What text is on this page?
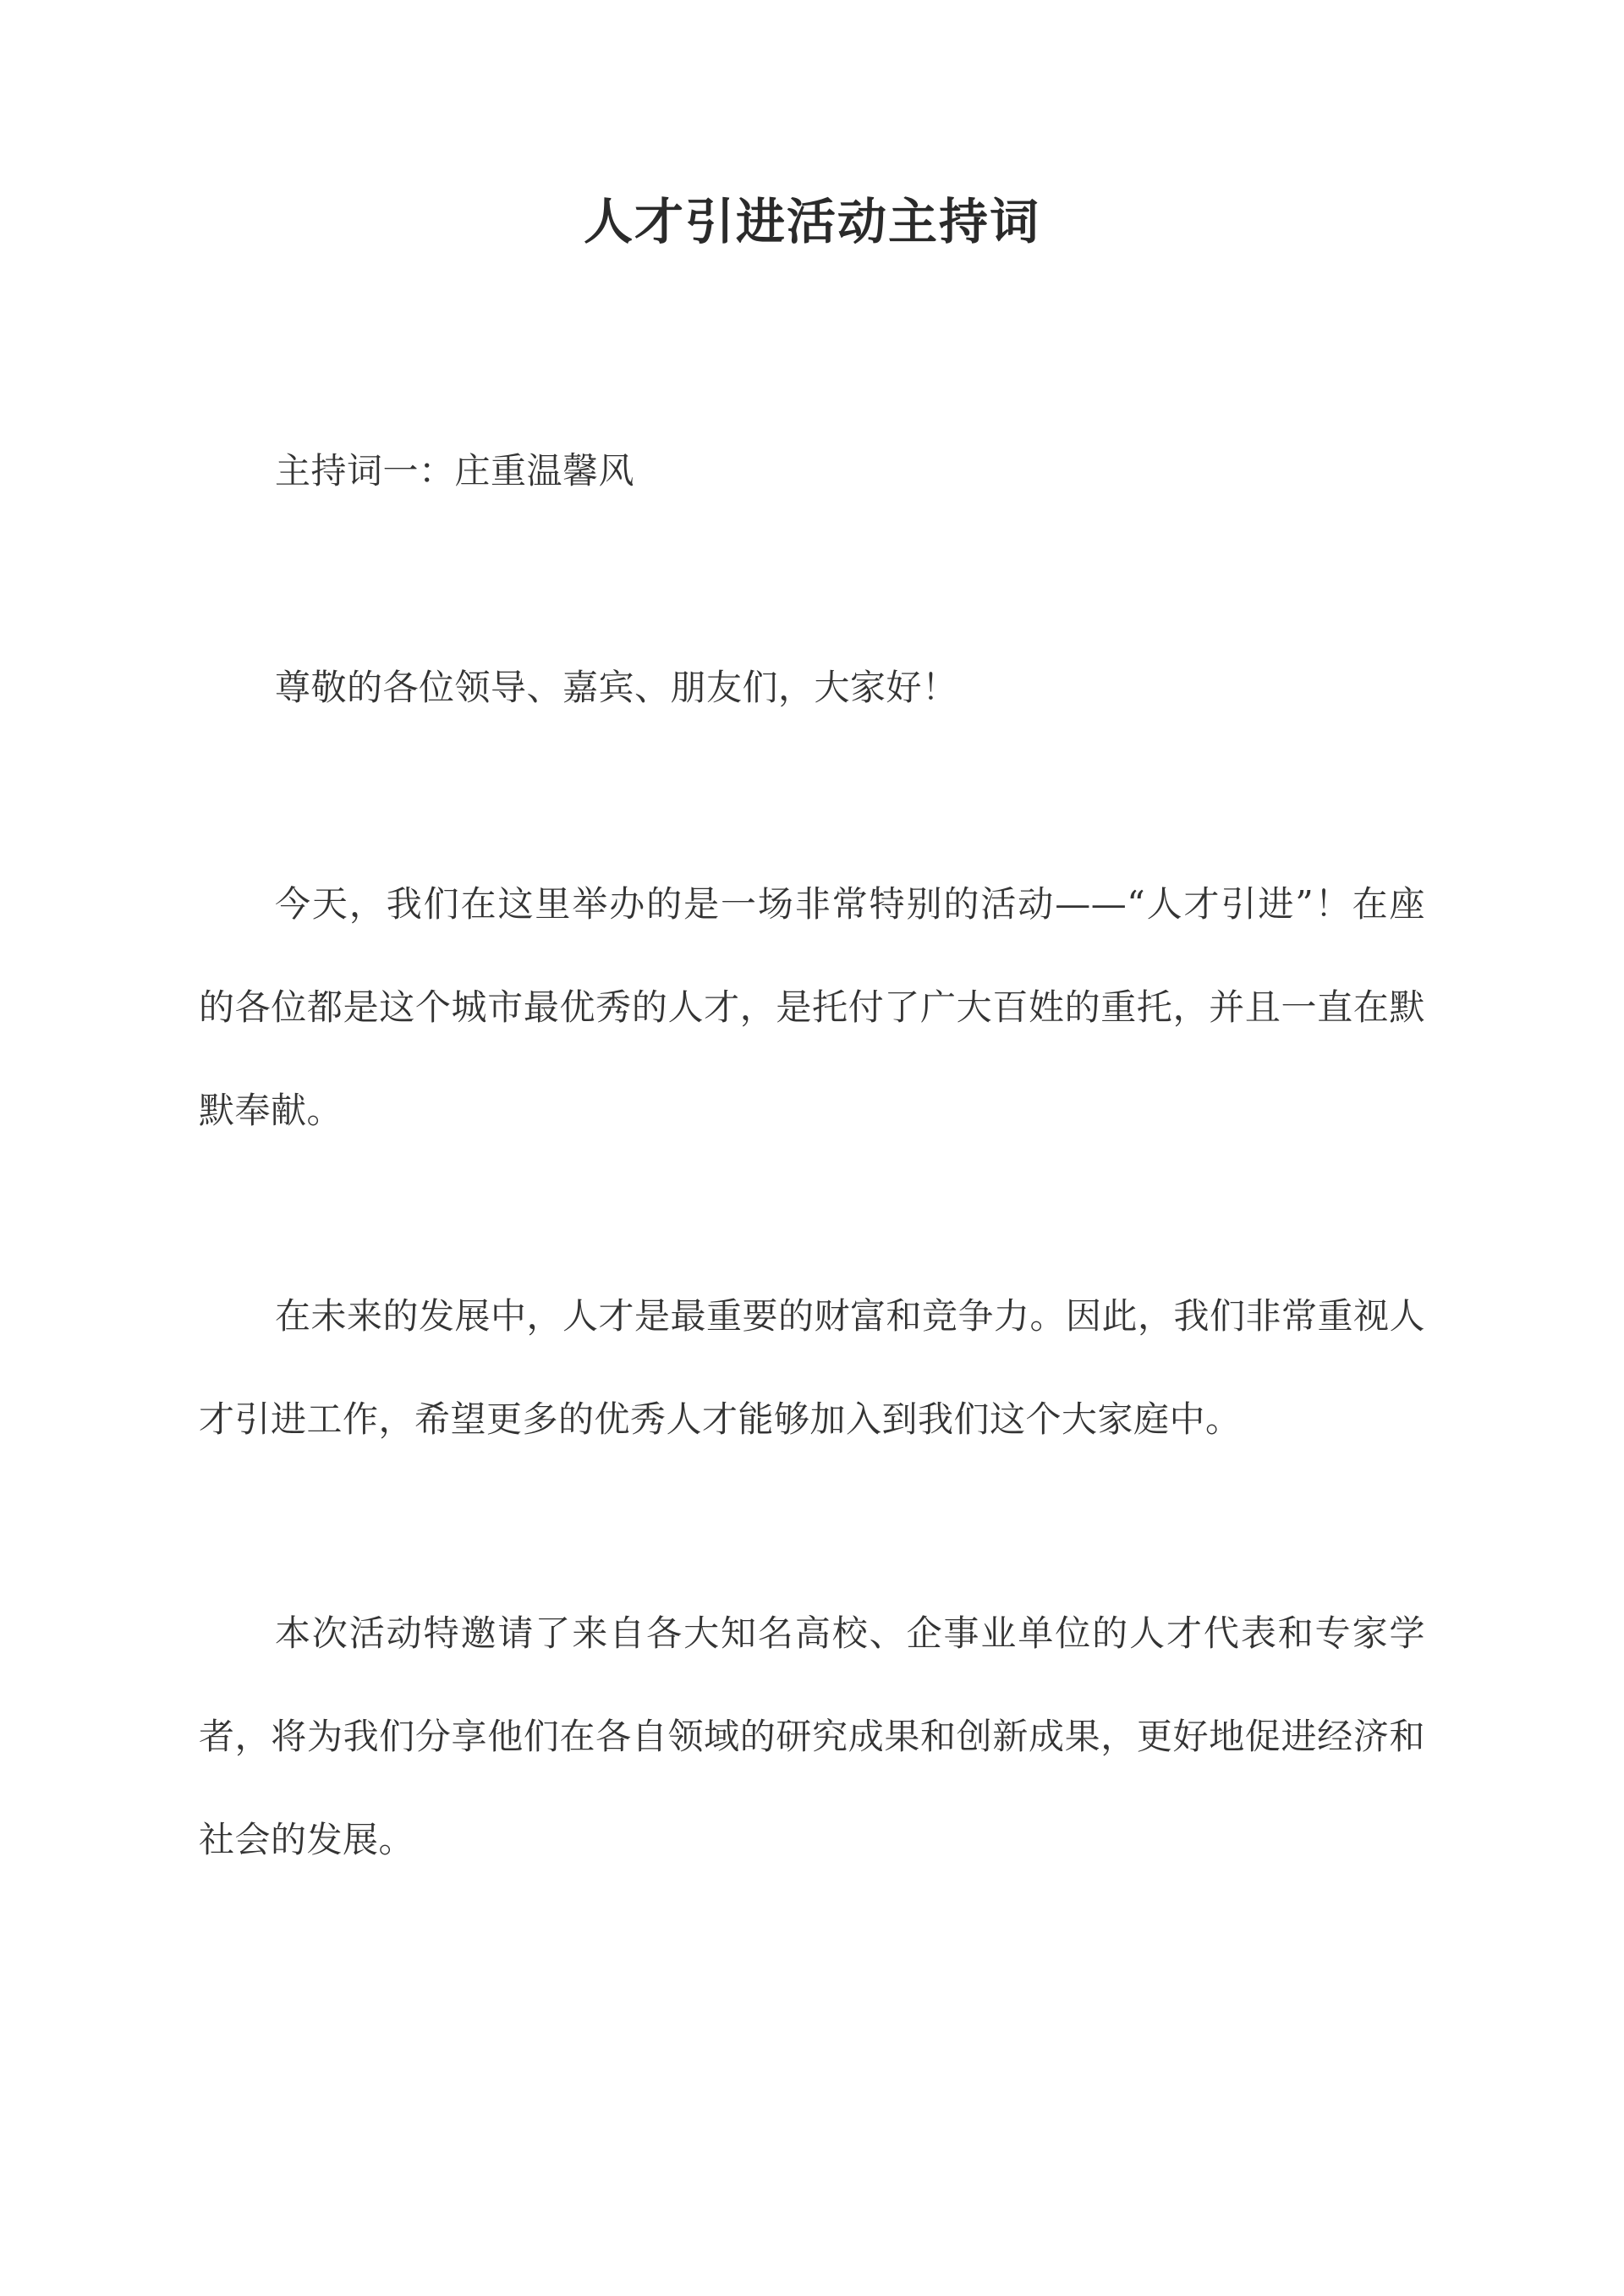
人才引进活动主持词

主持词一：庄重温馨风

尊敬的各位领导、嘉宾、朋友们，大家好！

今天，我们在这里举办的是一场非常特别的活动——“人才引进”！在座的各位都是这个城市最优秀的人才，是托付了广大百姓的重托，并且一直在默默奉献。

在未来的发展中，人才是最重要的财富和竞争力。因此，我们非常重视人才引进工作，希望更多的优秀人才能够加入到我们这个大家庭中。

本次活动特邀请了来自各大知名高校、企事业单位的人才代表和专家学者，将为我们分享他们在各自领域的研究成果和创新成果，更好地促进经济和社会的发展。
